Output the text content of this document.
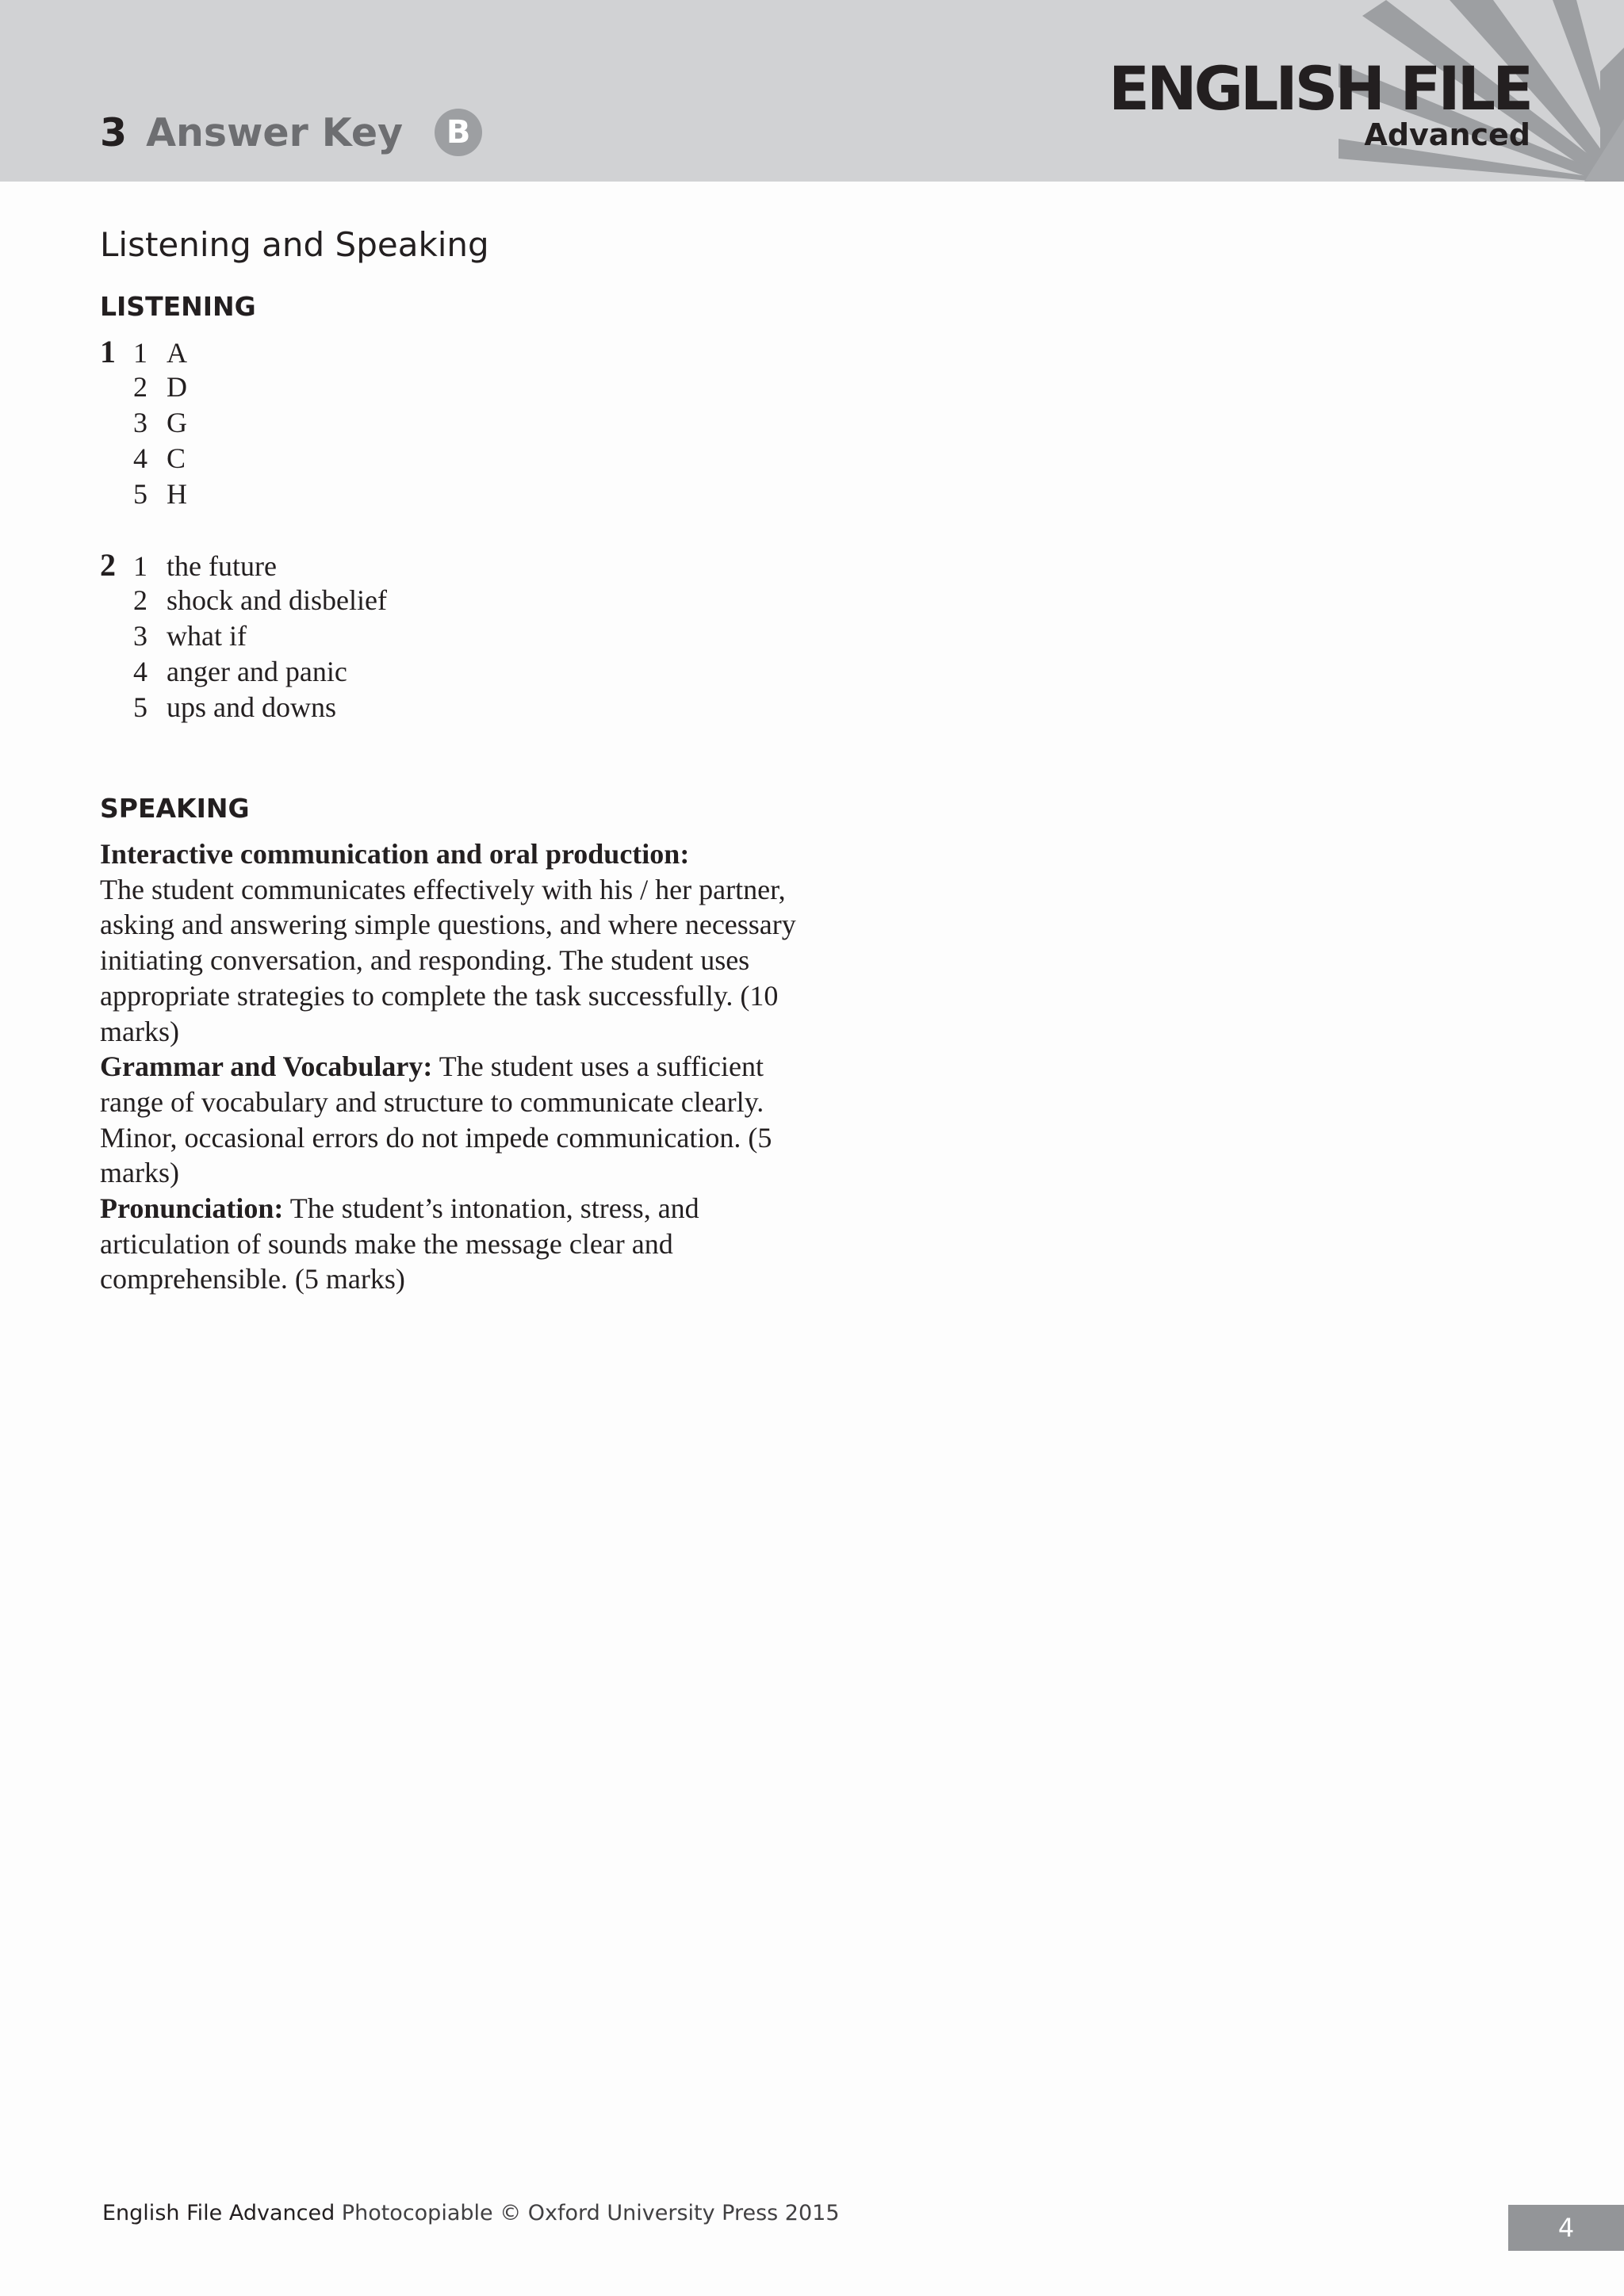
3 Answer Key	B
ENGLISH FILE
Advanced
Listening and Speaking
LISTENING
1 1 A
2 D
3 G
4 C
5 H
2 1 the future
2 shock and disbelief
3 what if
4 anger and panic
5 ups and downs
SPEAKING

Interactive communication and oral production:
The student communicates effectively with his / her partner, asking and answering simple questions, and where necessary initiating conversation, and responding. The student uses appropriate strategies to complete the task successfully. (10 marks)

Grammar and Vocabulary: The student uses a sufficient range of vocabulary and structure to communicate clearly. Minor, occasional errors do not impede communication. (5 marks)

Pronunciation: The student’s intonation, stress, and articulation of sounds make the message clear and comprehensible. (5 marks)

English File Advanced Photocopiable © Oxford University Press 2015	4
